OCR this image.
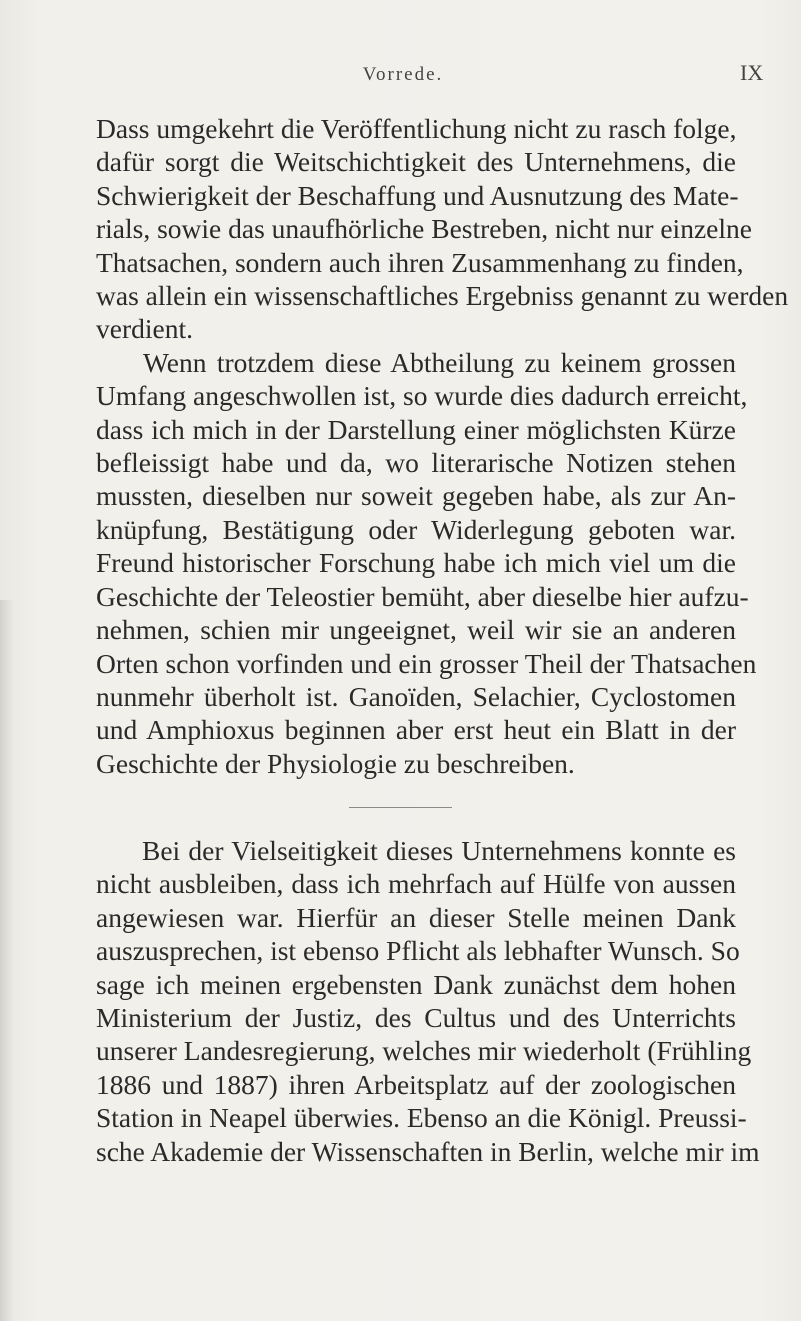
Vorrede.	IX
Dass umgekehrt die Veröffentlichung nicht zu rasch folge,
dafür sorgt die Weitschichtigkeit des Unternehmens, die
Schwierigkeit der Beschaffung und Ausnutzung des Mate-
rials, sowie das unaufhörliche Bestreben, nicht nur einzelne
Thatsachen, sondern auch ihren Zusammenhang zu finden,
was allein ein wissenschaftliches Ergebniss genannt zu werden
verdient.
Wenn trotzdem diese Abtheilung zu keinem grossen
Umfang angeschwollen ist, so wurde dies dadurch erreicht,
dass ich mich in der Darstellung einer möglichsten Kürze
befleissigt habe und da, wo literarische Notizen stehen
mussten, dieselben nur soweit gegeben habe, als zur An-
knüpfung, Bestätigung oder Widerlegung geboten war.
Freund historischer Forschung habe ich mich viel um die
Geschichte der Teleostier bemüht, aber dieselbe hier aufzu-
nehmen, schien mir ungeeignet, weil wir sie an anderen
Orten schon vorfinden und ein grosser Theil der Thatsachen
nunmehr überholt ist. Ganoïden, Selachier, Cyclostomen
und Amphioxus beginnen aber erst heut ein Blatt in der
Geschichte der Physiologie zu beschreiben.
Bei der Vielseitigkeit dieses Unternehmens konnte es
nicht ausbleiben, dass ich mehrfach auf Hülfe von aussen
angewiesen war. Hierfür an dieser Stelle meinen Dank
auszusprechen, ist ebenso Pflicht als lebhafter Wunsch. So
sage ich meinen ergebensten Dank zunächst dem hohen
Ministerium der Justiz, des Cultus und des Unterrichts
unserer Landesregierung, welches mir wiederholt (Frühling
1886 und 1887) ihren Arbeitsplatz auf der zoologischen
Station in Neapel überwies. Ebenso an die Königl. Preussi-
sche Akademie der Wissenschaften in Berlin, welche mir im
